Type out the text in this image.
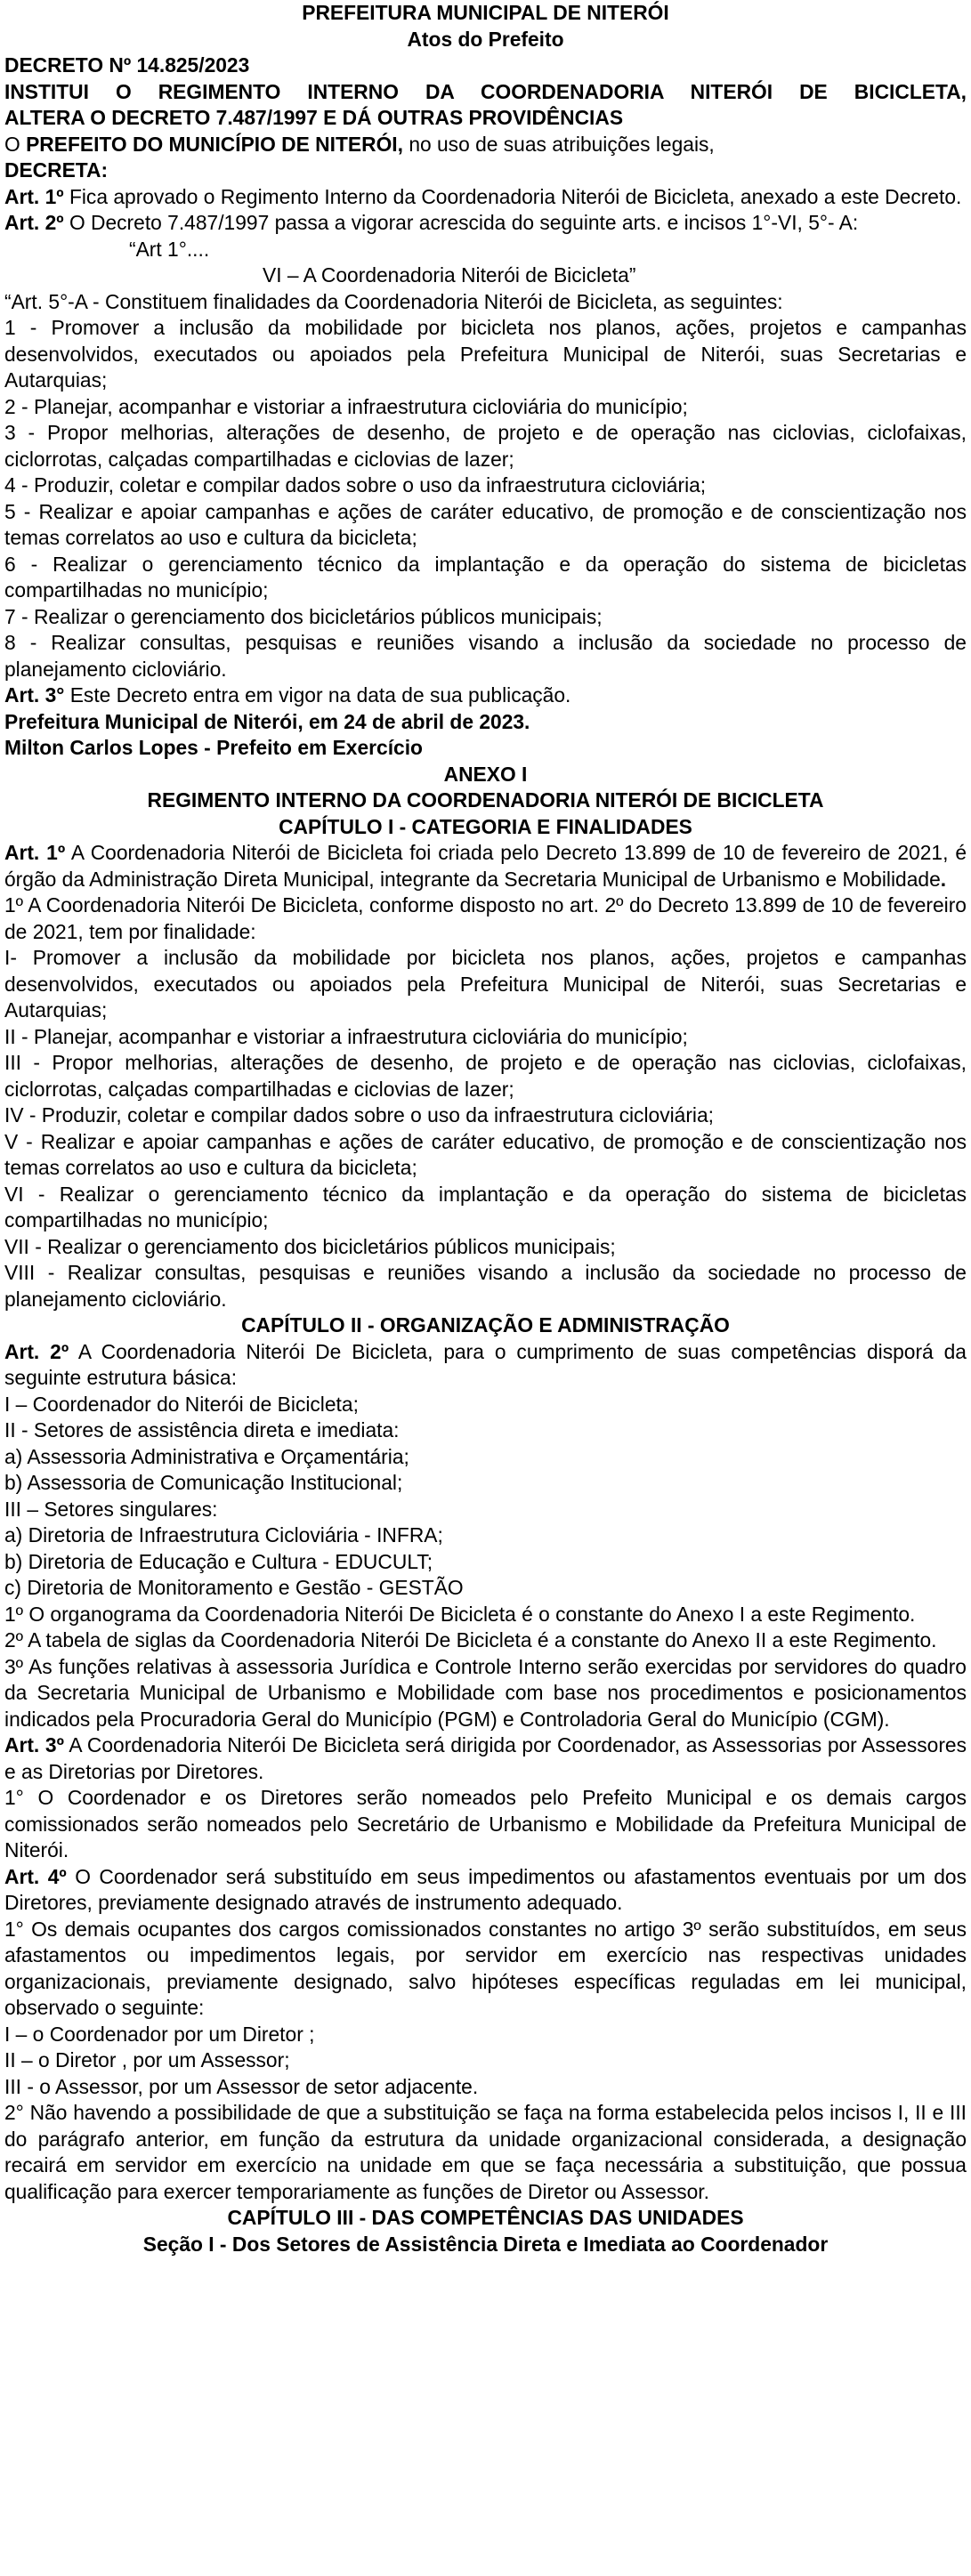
PREFEITURA MUNICIPAL DE NITERÓI
Atos do Prefeito
DECRETO Nº 14.825/2023
INSTITUI O REGIMENTO INTERNO DA COORDENADORIA NITERÓI DE BICICLETA,
ALTERA O DECRETO 7.487/1997 E DÁ OUTRAS PROVIDÊNCIAS
O PREFEITO DO MUNICÍPIO DE NITERÓI, no uso de suas atribuições legais,
DECRETA:
Art. 1º Fica aprovado o Regimento Interno da Coordenadoria Niterói de Bicicleta, anexado a este Decreto.
Art. 2º O Decreto 7.487/1997 passa a vigorar acrescida do seguinte arts. e incisos 1°-VI, 5°- A:
“Art 1°....
VI – A Coordenadoria Niterói de Bicicleta”
“Art. 5°-A - Constituem finalidades da Coordenadoria Niterói de Bicicleta, as seguintes:
1 - Promover a inclusão da mobilidade por bicicleta nos planos, ações, projetos e campanhas desenvolvidos, executados ou apoiados pela Prefeitura Municipal de Niterói, suas Secretarias e Autarquias;
2 - Planejar, acompanhar e vistoriar a infraestrutura cicloviária do município;
3 - Propor melhorias, alterações de desenho, de projeto e de operação nas ciclovias, ciclofaixas, ciclorrotas, calçadas compartilhadas e ciclovias de lazer;
4 - Produzir, coletar e compilar dados sobre o uso da infraestrutura cicloviária;
5 - Realizar e apoiar campanhas e ações de caráter educativo, de promoção e de conscientização nos temas correlatos ao uso e cultura da bicicleta;
6 - Realizar o gerenciamento técnico da implantação e da operação do sistema de bicicletas compartilhadas no município;
7 - Realizar o gerenciamento dos bicicletários públicos municipais;
8 - Realizar consultas, pesquisas e reuniões visando a inclusão da sociedade no processo de planejamento cicloviário.
Art. 3° Este Decreto entra em vigor na data de sua publicação.
Prefeitura Municipal de Niterói, em 24 de abril de 2023.
Milton Carlos Lopes - Prefeito em Exercício
ANEXO I
REGIMENTO INTERNO DA COORDENADORIA NITERÓI DE BICICLETA
CAPÍTULO I - CATEGORIA E FINALIDADES
Art. 1º A Coordenadoria Niterói de Bicicleta foi criada pelo Decreto 13.899 de 10 de fevereiro de 2021, é órgão da Administração Direta Municipal, integrante da Secretaria Municipal de Urbanismo e Mobilidade.
1º A Coordenadoria Niterói De Bicicleta, conforme disposto no art. 2º do Decreto 13.899 de 10 de fevereiro de 2021, tem por finalidade:
I- Promover a inclusão da mobilidade por bicicleta nos planos, ações, projetos e campanhas desenvolvidos, executados ou apoiados pela Prefeitura Municipal de Niterói, suas Secretarias e Autarquias;
II - Planejar, acompanhar e vistoriar a infraestrutura cicloviária do município;
III - Propor melhorias, alterações de desenho, de projeto e de operação nas ciclovias, ciclofaixas, ciclorrotas, calçadas compartilhadas e ciclovias de lazer;
IV - Produzir, coletar e compilar dados sobre o uso da infraestrutura cicloviária;
V - Realizar e apoiar campanhas e ações de caráter educativo, de promoção e de conscientização nos temas correlatos ao uso e cultura da bicicleta;
VI - Realizar o gerenciamento técnico da implantação e da operação do sistema de bicicletas compartilhadas no município;
VII - Realizar o gerenciamento dos bicicletários públicos municipais;
VIII - Realizar consultas, pesquisas e reuniões visando a inclusão da sociedade no processo de planejamento cicloviário.
CAPÍTULO II - ORGANIZAÇÃO E ADMINISTRAÇÃO
Art. 2º A Coordenadoria Niterói De Bicicleta, para o cumprimento de suas competências disporá da seguinte estrutura básica:
I – Coordenador do Niterói de Bicicleta;
II - Setores de assistência direta e imediata:
a) Assessoria Administrativa e Orçamentária;
b) Assessoria de Comunicação Institucional;
III – Setores singulares:
a) Diretoria de Infraestrutura Cicloviária - INFRA;
b) Diretoria de Educação e Cultura - EDUCULT;
c) Diretoria de Monitoramento e Gestão - GESTÃO
1º O organograma da Coordenadoria Niterói De Bicicleta é o constante do Anexo I a este Regimento.
2º A tabela de siglas da Coordenadoria Niterói De Bicicleta é a constante do Anexo II a este Regimento.
3º As funções relativas à assessoria Jurídica e Controle Interno serão exercidas por servidores do quadro da Secretaria Municipal de Urbanismo e Mobilidade com base nos procedimentos e posicionamentos indicados pela Procuradoria Geral do Município (PGM) e Controladoria Geral do Município (CGM).
Art. 3º A Coordenadoria Niterói De Bicicleta será dirigida por Coordenador, as Assessorias por Assessores e as Diretorias por Diretores.
1° O Coordenador e os Diretores serão nomeados pelo Prefeito Municipal e os demais cargos comissionados serão nomeados pelo Secretário de Urbanismo e Mobilidade da Prefeitura Municipal de Niterói.
Art. 4º O Coordenador será substituído em seus impedimentos ou afastamentos eventuais por um dos Diretores, previamente designado através de instrumento adequado.
1° Os demais ocupantes dos cargos comissionados constantes no artigo 3º serão substituídos, em seus afastamentos ou impedimentos legais, por servidor em exercício nas respectivas unidades organizacionais, previamente designado, salvo hipóteses específicas reguladas em lei municipal, observado o seguinte:
I – o Coordenador por um Diretor ;
II – o Diretor , por um Assessor;
III - o Assessor, por um Assessor de setor adjacente.
2° Não havendo a possibilidade de que a substituição se faça na forma estabelecida pelos incisos I, II e III do parágrafo anterior, em função da estrutura da unidade organizacional considerada, a designação recairá em servidor em exercício na unidade em que se faça necessária a substituição, que possua qualificação para exercer temporariamente as funções de Diretor ou Assessor.
CAPÍTULO III - DAS COMPETÊNCIAS DAS UNIDADES
Seção I - Dos Setores de Assistência Direta e Imediata ao Coordenador
